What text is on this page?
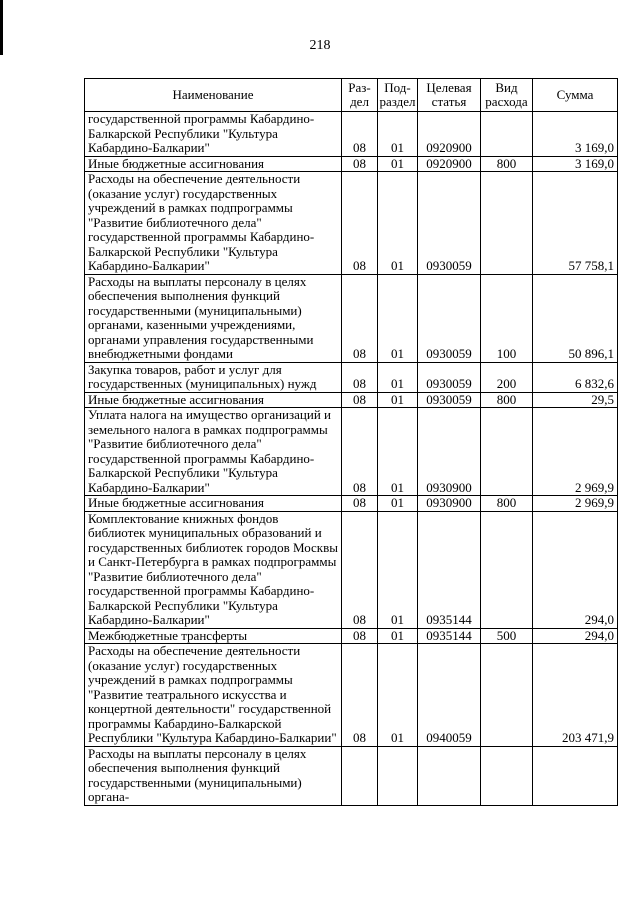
218
Наименование	Раз-дел	Под-раздел	Целевая статья	Вид расхода	Сумма
государственной программы Кабардино-Балкарской Республики "Культура Кабардино-Балкарии"	08	01	0920900		3 169,0
Иные бюджетные ассигнования	08	01	0920900	800	3 169,0
Расходы на обеспечение деятельности (оказание услуг) государственных учреждений в рамках подпрограммы "Развитие библиотечного дела" государственной программы Кабардино-Балкарской Республики "Культура Кабардино-Балкарии"	08	01	0930059		57 758,1
Расходы на выплаты персоналу в целях обеспечения выполнения функций государственными (муниципальными) органами, казенными учреждениями, органами управления государственными внебюджетными фондами	08	01	0930059	100	50 896,1
Закупка товаров, работ и услуг для государственных (муниципальных) нужд	08	01	0930059	200	6 832,6
Иные бюджетные ассигнования	08	01	0930059	800	29,5
Уплата налога на имущество организаций и земельного налога в рамках подпрограммы "Развитие библиотечного дела" государственной программы Кабардино-Балкарской Республики "Культура Кабардино-Балкарии"	08	01	0930900		2 969,9
Иные бюджетные ассигнования	08	01	0930900	800	2 969,9
Комплектование книжных фондов библиотек муниципальных образований и государственных библиотек городов Москвы и Санкт-Петербурга в рамках подпрограммы "Развитие библиотечного дела" государственной программы Кабардино-Балкарской Республики "Культура Кабардино-Балкарии"	08	01	0935144		294,0
Межбюджетные трансферты	08	01	0935144	500	294,0
Расходы на обеспечение деятельности (оказание услуг) государственных учреждений в рамках подпрограммы "Развитие театрального искусства и концертной деятельности" государственной программы Кабардино-Балкарской Республики "Культура Кабардино-Балкарии"	08	01	0940059		203 471,9
Расходы на выплаты персоналу в целях обеспечения выполнения функций государственными (муниципальными) органа-					
